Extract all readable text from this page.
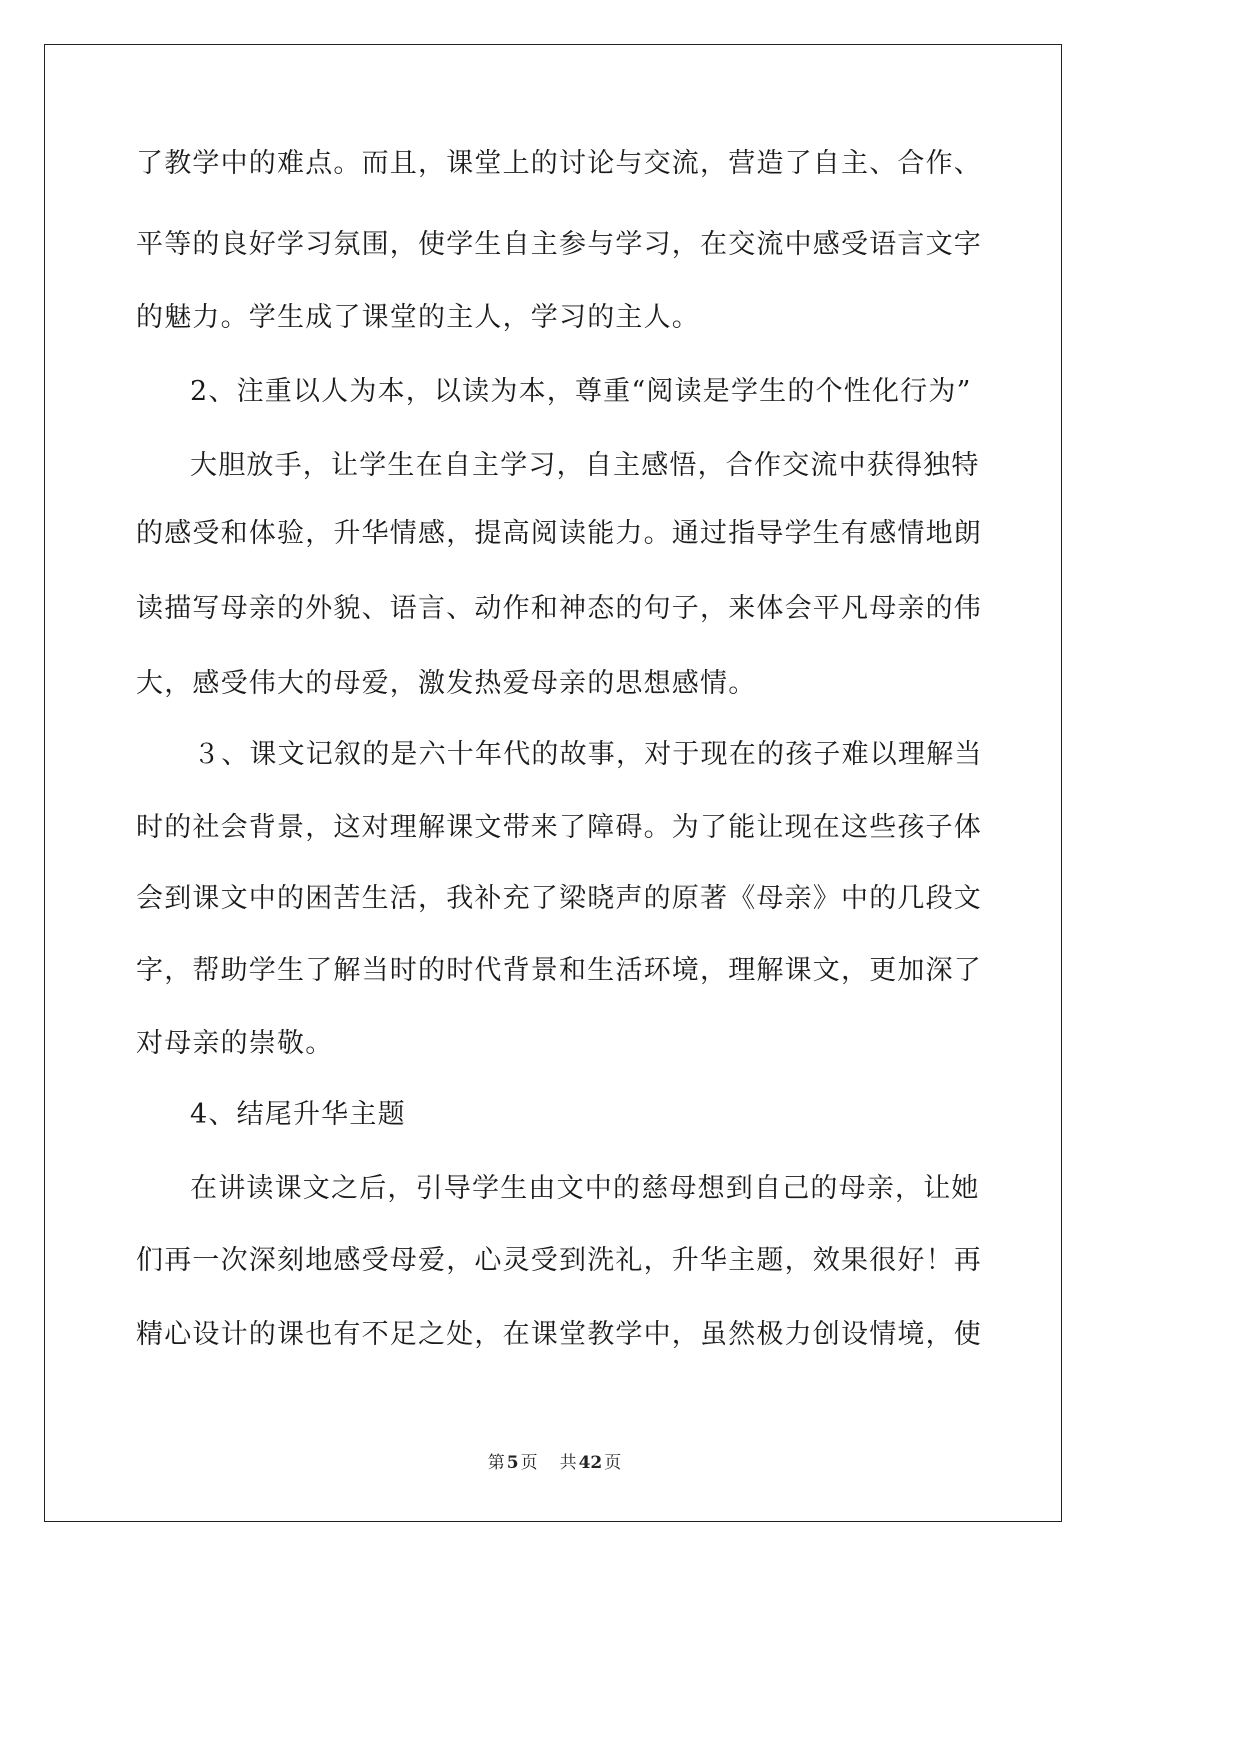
了教学中的难点。而且，课堂上的讨论与交流，营造了自主、合作、
平等的良好学习氛围，使学生自主参与学习，在交流中感受语言文字
的魅力。学生成了课堂的主人，学习的主人。
2、注重以人为本，以读为本，尊重“阅读是学生的个性化行为”
大胆放手，让学生在自主学习，自主感悟，合作交流中获得独特
的感受和体验，升华情感，提高阅读能力。通过指导学生有感情地朗
读描写母亲的外貌、语言、动作和神态的句子，来体会平凡母亲的伟
大，感受伟大的母爱，激发热爱母亲的思想感情。
３、课文记叙的是六十年代的故事，对于现在的孩子难以理解当
时的社会背景，这对理解课文带来了障碍。为了能让现在这些孩子体
会到课文中的困苦生活，我补充了梁晓声的原著《母亲》中的几段文
字，帮助学生了解当时的时代背景和生活环境，理解课文，更加深了
对母亲的崇敬。
4、结尾升华主题
在讲读课文之后，引导学生由文中的慈母想到自己的母亲，让她
们再一次深刻地感受母爱，心灵受到洗礼，升华主题，效果很好！再
精心设计的课也有不足之处，在课堂教学中，虽然极力创设情境，使
第 5 页 共 42 页
